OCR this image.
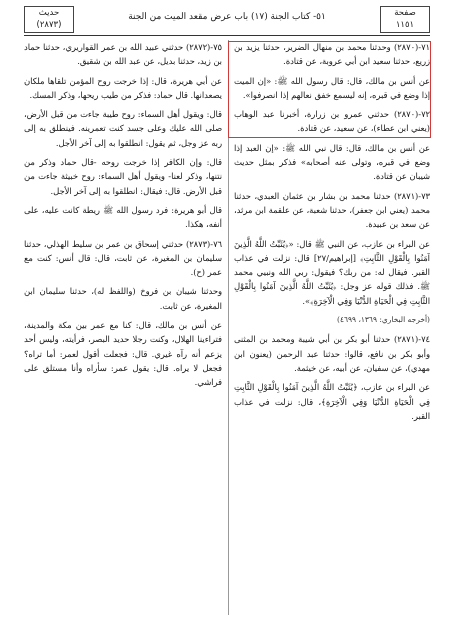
صفحة
١١٥١
٥١- كتاب الجنة (١٧) باب عرض مقعد الميت من الجنة
حديث
(٢٨٧٣)

٧١-(٢٨٧٠) وحدثنا محمد بن منهال الضرير، حدثنا يزيد بن زريع، حدثنا سعيد ابن أبي عروبة، عن قتادة.

عن أنس بن مالك، قال: قال رسول الله ﷺ: «إن الميت إذا وضع في قبره، إنه ليسمع خفق نعالهم إذا انصرفوا».

٧٢-(٢٨٧٠) حدثني عمرو بن زرارة، أخبرنا عبد الوهاب (يعني ابن عطاء)، عن سعيد، عن قتادة.

عن أنس بن مالك، قال: قال نبي الله ﷺ: «إن العبد إذا وضع في قبره، وتولى عنه أصحابه» فذكر بمثل حديث شيبان عن قتادة.

٧٣-(٢٨٧١) حدثنا محمد بن بشار بن عثمان العبدي، حدثنا محمد (يعني ابن جعفر)، حدثنا شعبة، عن علقمة ابن مرثد، عن سعد بن عبيدة.

عن البراء بن عازب، عن النبي ﷺ قال: «﴿يُثَبِّتُ اللَّهُ الَّذِينَ آمَنُوا بِالْقَوْلِ الثَّابِتِ﴾ [إبراهيم/٢٧] قال: نزلت في عذاب القبر. فيقال له: من ربك؟ فيقول: ربي الله ونبيي محمد ﷺ. فذلك قوله عز وجل: ﴿يُثَبِّتُ اللَّهُ الَّذِينَ آمَنُوا بِالْقَوْلِ الثَّابِتِ فِي الْحَيَاةِ الدُّنْيَا وَفِي الْآخِرَةِ﴾».

(أخرجه البخاري: ١٣٦٩، ٤٦٩٩)

٧٤-(٢٨٧١) حدثنا أبو بكر بن أبي شيبة ومحمد بن المثنى وأبو بكر بن نافع، قالوا: حدثنا عبد الرحمن (يعنون ابن مهدي)، عن سفيان، عن أبيه، عن خيثمة.

عن البراء بن عازب، ﴿يُثَبِّتُ اللَّهُ الَّذِينَ آمَنُوا بِالْقَوْلِ الثَّابِتِ فِي الْحَيَاةِ الدُّنْيَا وَفِي الْآخِرَةِ﴾، قال: نزلت في عذاب القبر.

٧٥-(٢٨٧٢) حدثني عبيد الله بن عمر القواريري، حدثنا حماد بن زيد، حدثنا بديل، عن عبد الله بن شقيق.

عن أبي هريرة، قال: إذا خرجت روح المؤمن تلقاها ملكان يصعدانها. قال حماد: فذكر من طيب ريحها، وذكر المسك.

قال: ويقول أهل السماء: روح طيبة جاءت من قبل الأرض، صلى الله عليك وعلى جسد كنت تعمرينه. فينطلق به إلى ربه عز وجل، ثم يقول: انطلقوا به إلى آخر الأجل.

قال: وإن الكافر إذا خرجت روحه -قال حماد وذكر من نتنها، وذكر لعنا- ويقول أهل السماء: روح خبيثة جاءت من قبل الأرض. قال: فيقال: انطلقوا به إلى آخر الأجل.

قال أبو هريرة: فرد رسول الله ﷺ ريطة كانت عليه، على أنفه، هكذا.

٧٦-(٢٨٧٣) حدثني إسحاق بن عمر بن سليط الهذلي، حدثنا سليمان بن المغيرة، عن ثابت، قال: قال أنس: كنت مع عمر (ح).

وحدثنا شيبان بن فروخ (واللفظ له)، حدثنا سليمان ابن المغيرة، عن ثابت.

عن أنس بن مالك، قال: كنا مع عمر بين مكة والمدينة، فتراءينا الهلال، وكنت رجلا حديد البصر، فرأيته، وليس أحد يزعم أنه رآه غيري. قال: فجعلت أقول لعمر: أما تراه؟ فجعل لا يراه. قال: يقول عمر: سأراه وأنا مستلق على فراشي.
